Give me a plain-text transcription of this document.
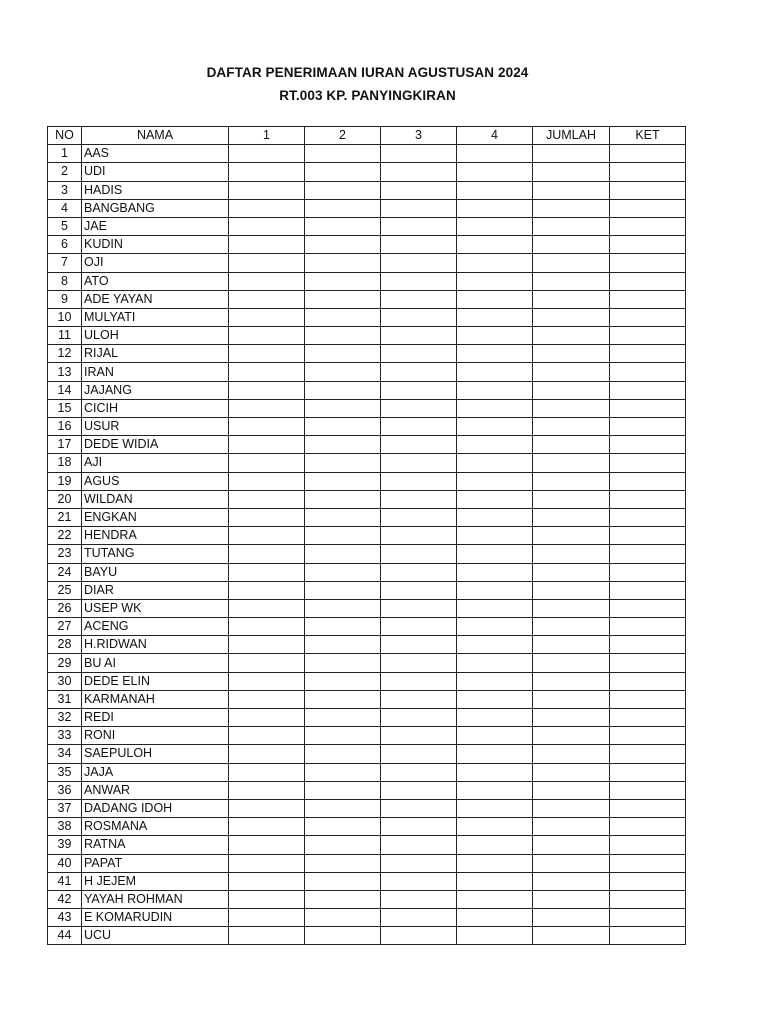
DAFTAR PENERIMAAN IURAN AGUSTUSAN 2024
RT.003 KP. PANYINGKIRAN
NO	NAMA	1	2	3	4	JUMLAH	KET
1	AAS						
2	UDI						
3	HADIS						
4	BANGBANG						
5	JAE						
6	KUDIN						
7	OJI						
8	ATO						
9	ADE YAYAN						
10	MULYATI						
11	ULOH						
12	RIJAL						
13	IRAN						
14	JAJANG						
15	CICIH						
16	USUR						
17	DEDE WIDIA						
18	AJI						
19	AGUS						
20	WILDAN						
21	ENGKAN						
22	HENDRA						
23	TUTANG						
24	BAYU						
25	DIAR						
26	USEP WK						
27	ACENG						
28	H.RIDWAN						
29	BU AI						
30	DEDE ELIN						
31	KARMANAH						
32	REDI						
33	RONI						
34	SAEPULOH						
35	JAJA						
36	ANWAR						
37	DADANG IDOH						
38	ROSMANA						
39	RATNA						
40	PAPAT						
41	H JEJEM						
42	YAYAH ROHMAN						
43	E KOMARUDIN						
44	UCU						
